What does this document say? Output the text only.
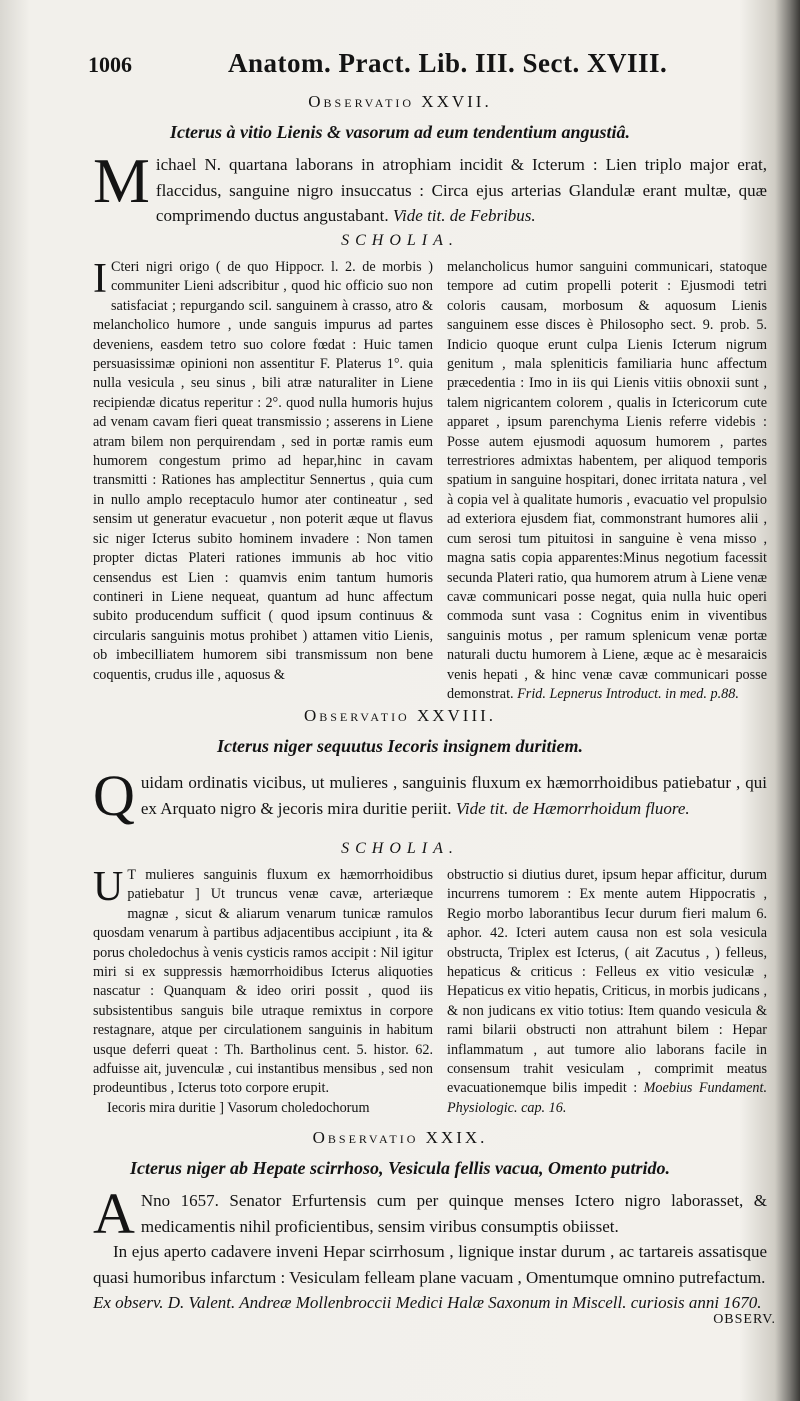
1006	Anatom. Pract. Lib. III. Sect. XVIII.
Observatio XXVII.
Icterus à vitio Lienis & vasorum ad eum tendentium angustiâ.
M ichael N. quartana laborans in atrophiam incidit & Icterum : Lien triplo major erat, flaccidus, sanguine nigro insuccatus : Circa ejus arterias Glandulæ erant multæ, quæ comprimendo ductus angustabant. Vide tit. de Febribus.
SCHOLIA.
I Cteri nigri origo ( de quo Hippocr. l. 2. de morbis ) communiter Lieni adscribitur , quod hic officio suo non satisfaciat ; repurgando scil. sanguinem à crasso, atro & melancholico humore , unde sanguis impurus ad partes deveniens, easdem tetro suo colore fœdat : Huic tamen persuasissimæ opinioni non assentitur F. Platerus 1°. quia nulla vesicula , seu sinus , bili atræ naturaliter in Liene recipiendæ dicatus reperitur : 2°. quod nulla humoris hujus ad venam cavam fieri queat transmissio ; asserens in Liene atram bilem non perquirendam , sed in portæ ramis eum humorem congestum primo ad hepar,hinc in cavam transmitti : Rationes has amplectitur Sennertus , quia cum in nullo amplo receptaculo humor ater contineatur , sed sensim ut generatur evacuetur , non poterit æque ut flavus sic niger Icterus subito hominem invadere : Non tamen propter dictas Plateri rationes immunis ab hoc vitio censendus est Lien : quamvis enim tantum humoris contineri in Liene nequeat, quantum ad hunc affectum subito producendum sufficit ( quod ipsum continuus & circularis sanguinis motus prohibet ) attamen vitio Lienis, ob imbecilliatem humorem sibi transmissum non bene coquentis, crudus ille , aquosus &
melancholicus humor sanguini communicari, statoque tempore ad cutim propelli poterit : Ejusmodi tetri coloris causam, morbosum & aquosum Lienis sanguinem esse disces è Philosopho sect. 9. prob. 5. Indicio quoque erunt culpa Lienis Icterum nigrum genitum , mala spleniticis familiaria hunc affectum præcedentia : Imo in iis qui Lienis vitiis obnoxii sunt , talem nigricantem colorem , qualis in Ictericorum cute apparet , ipsum parenchyma Lienis referre videbis : Posse autem ejusmodi aquosum humorem , partes terrestriores admixtas habentem, per aliquod temporis spatium in sanguine hospitari, donec irritata natura , vel à copia vel à qualitate humoris , evacuatio vel propulsio ad exteriora ejusdem fiat, commonstrant humores alii , cum serosi tum pituitosi in sanguine è vena misso , magna satis copia apparentes:Minus negotium facessit secunda Plateri ratio, qua humorem atrum à Liene venæ cavæ communicari posse negat, quia nulla huic operi commoda sunt vasa : Cognitus enim in viventibus sanguinis motus , per ramum splenicum venæ portæ naturali ductu humorem à Liene, æque ac è mesaraicis venis hepati , & hinc venæ cavæ communicari posse demonstrat. Frid. Lepnerus Introduct. in med. p.88.
Observatio XXVIII.
Icterus niger sequutus Iecoris insignem duritiem.
Q uidam ordinatis vicibus, ut mulieres , sanguinis fluxum ex hæmorrhoidibus patiebatur , qui ex Arquato nigro & jecoris mira duritie periit. Vide tit. de Hæmorrhoidum fluore.
SCHOLIA.

U T mulieres sanguinis fluxum ex hæmorrhoidibus patiebatur ] Ut truncus venæ cavæ, arteriæque magnæ , sicut & aliarum venarum tunicæ ramulos quosdam venarum à partibus adjacentibus accipiunt , ita & porus choledochus à venis cysticis ramos accipit : Nil igitur miri si ex suppressis hæmorrhoidibus Icterus aliquoties nascatur : Quanquam & ideo oriri possit , quod iis subsistentibus sanguis bile utraque remixtus in corpore restagnare, atque per circulationem sanguinis in habitum usque deferri queat : Th. Bartholinus cent. 5. histor. 62. adfuisse ait, juvenculæ , cui instantibus mensibus , sed non prodeuntibus , Icterus toto corpore erupit.

Iecoris mira duritie ] Vasorum choledochorum

obstructio si diutius duret, ipsum hepar afficitur, durum incurrens tumorem : Ex mente autem Hippocratis , Regio morbo laborantibus Iecur durum fieri malum 6. aphor. 42. Icteri autem causa non est sola vesicula obstructa, Triplex est Icterus, ( ait Zacutus , ) felleus, hepaticus & criticus : Felleus ex vitio vesiculæ , Hepaticus ex vitio hepatis, Criticus, in morbis judicans , & non judicans ex vitio totius: Item quando vesicula & rami bilarii obstructi non attrahunt bilem : Hepar inflammatum , aut tumore alio laborans facile in consensum trahit vesiculam , comprimit meatus evacuationemque bilis impedit : Moebius Fundament. Physiologic. cap. 16.
Observatio XXIX.
Icterus niger ab Hepate scirrhoso, Vesicula fellis vacua, Omento putrido.
A Nno 1657. Senator Erfurtensis cum per quinque menses Ictero nigro laborasset, & medicamentis nihil proficientibus, sensim viribus consumptis obiisset.
In ejus aperto cadavere inveni Hepar scirrhosum , lignique instar durum , ac tartareis assatisque quasi humoribus infarctum : Vesiculam felleam plane vacuam , Omentumque omnino putrefactum.
Ex observ. D. Valent. Andreæ Mollenbroccii Medici Halæ Saxonum in Miscell. curiosis anni 1670.
OBSERV.
